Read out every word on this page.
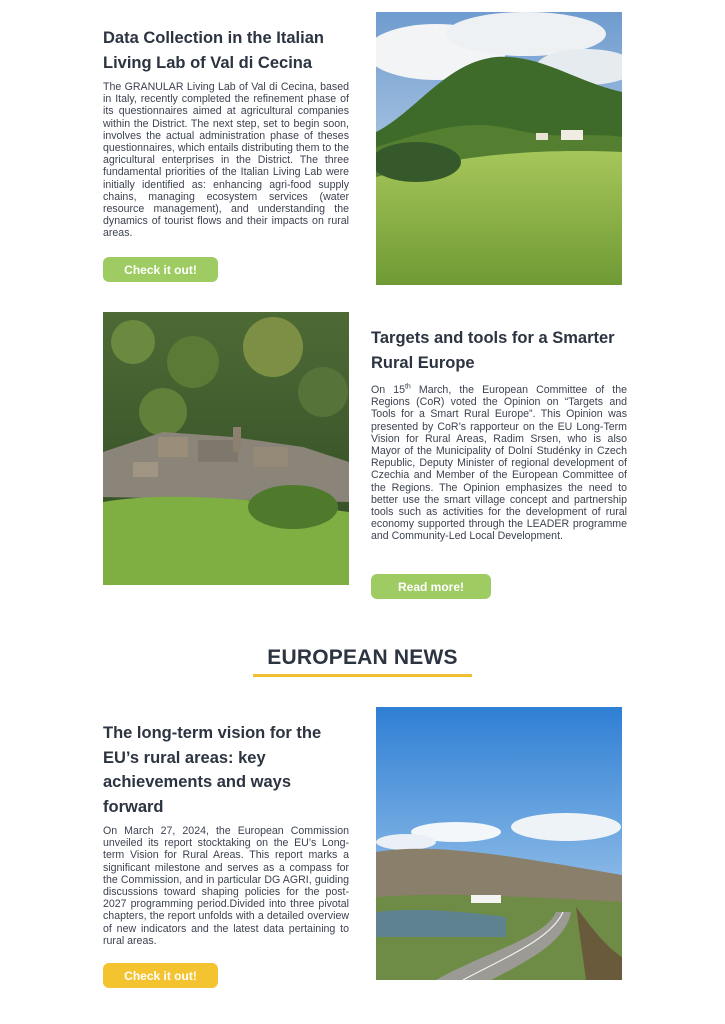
Data Collection in the Italian Living Lab of Val di Cecina

The GRANULAR Living Lab of Val di Cecina, based in Italy, recently completed the refinement phase of its questionnaires aimed at agricultural companies within the District. The next step, set to begin soon, involves the actual administration phase of theses questionnaires, which entails distributing them to the agricultural enterprises in the District. The three fundamental priorities of the Italian Living Lab were initially identified as: enhancing agri-food supply chains, managing ecosystem services (water resource management), and understanding the dynamics of tourist flows and their impacts on rural areas.

Check it out!
Targets and tools for a Smarter Rural Europe

On 15th March, the European Committee of the Regions (CoR) voted the Opinion on “Targets and Tools for a Smart Rural Europe”. This Opinion was presented by CoR’s rapporteur on the EU Long-Term Vision for Rural Areas, Radim Srsen, who is also Mayor of the Municipality of Dolní Studénky in Czech Republic, Deputy Minister of regional development of Czechia and Member of the European Committee of the Regions. The Opinion emphasizes the need to better use the smart village concept and partnership tools such as activities for the development of rural economy supported through the LEADER programme and Community-Led Local Development.

Read more!
EUROPEAN NEWS
The long-term vision for the EU’s rural areas: key achievements and ways forward

On March 27, 2024, the European Commission unveiled its report stocktaking on the EU’s Long-term Vision for Rural Areas. This report marks a significant milestone and serves as a compass for the Commission, and in particular DG AGRI, guiding discussions toward shaping policies for the post-2027 programming period.Divided into three pivotal chapters, the report unfolds with a detailed overview of new indicators and the latest data pertaining to rural areas.

Check it out!
